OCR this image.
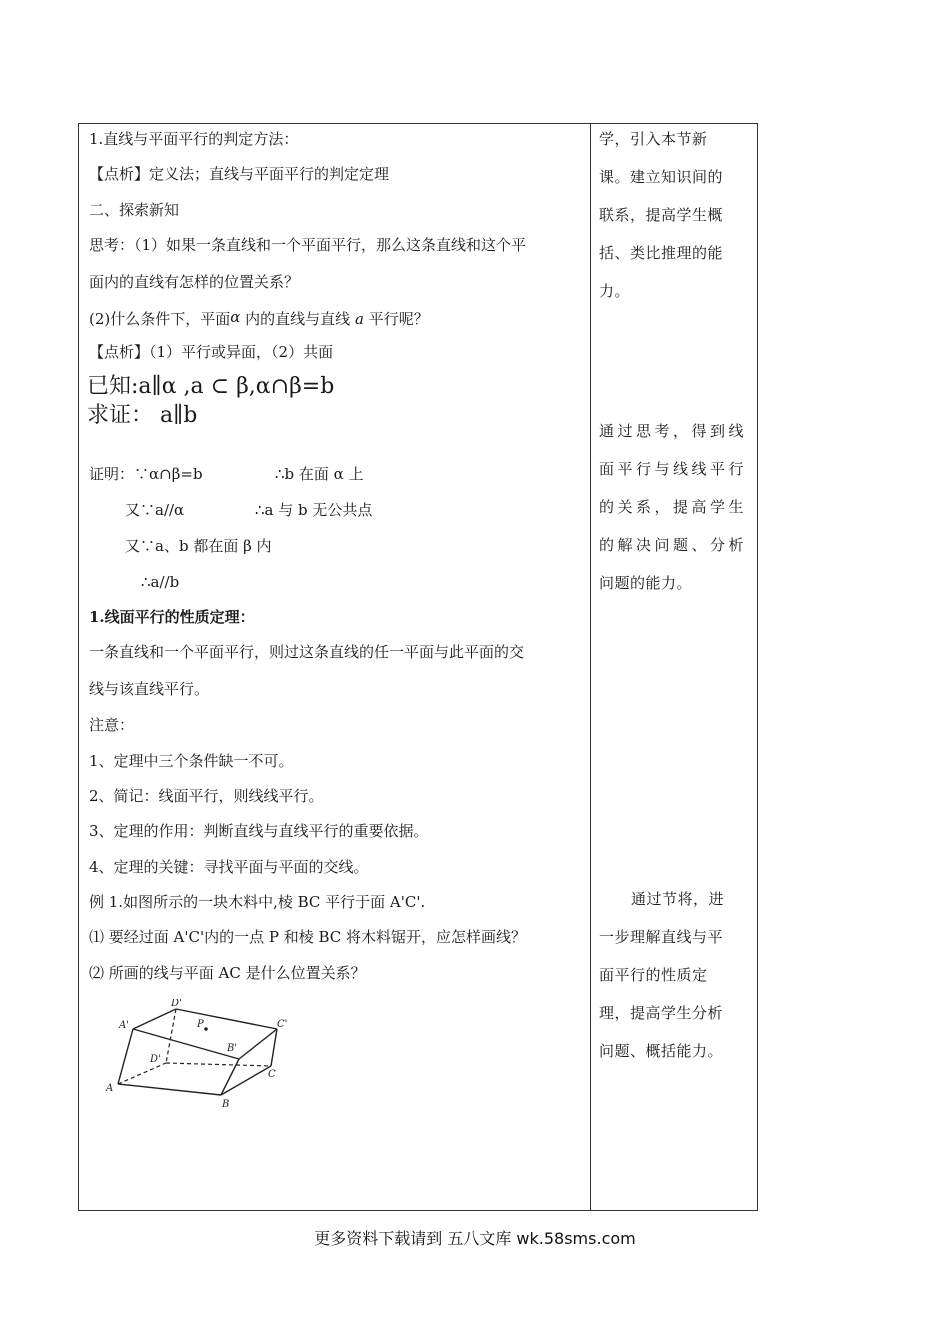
1.直线与平面平行的判定方法：
【点析】定义法；直线与平面平行的判定定理
二、探索新知
思考：（1）如果一条直线和一个平面平行，那么这条直线和这个平
面内的直线有怎样的位置关系？
(2)什么条件下，平面α 内的直线与直线 a 平行呢？
【点析】（1）平行或异面，（2）共面
已知:a∥α ,a ⊂ β,α∩β=b
求证： a∥b
证明：∵α∩β=b	∴b 在面 α 上
又∵a//α	∴a 与 b 无公共点
又∵a、b 都在面 β 内
∴a//b
1.线面平行的性质定理：
一条直线和一个平面平行，则过这条直线的任一平面与此平面的交
线与该直线平行。
注意：
1、定理中三个条件缺一不可。
2、简记：线面平行，则线线平行。
3、定理的作用：判断直线与直线平行的重要依据。
4、定理的关键：寻找平面与平面的交线。
例 1.如图所示的一块木料中,棱 BC 平行于面 A'C'.
⑴ 要经过面 A'C'内的一点 P 和棱 BC 将木料锯开，应怎样画线？
⑵ 所画的线与平面 AC 是什么位置关系？
D'
A'	P	C'
B'
D'
C
A
B
学，引入本节新
课。建立知识间的
联系，提高学生概
括、类比推理的能
力。
通过思考，得到线
面平行与线线平行
的关系，提高学生
的解决问题、分析
问题的能力。
通过节将，进
一步理解直线与平
面平行的性质定
理，提高学生分析
问题、概括能力。
更多资料下载请到 五八文库 wk.58sms.com
